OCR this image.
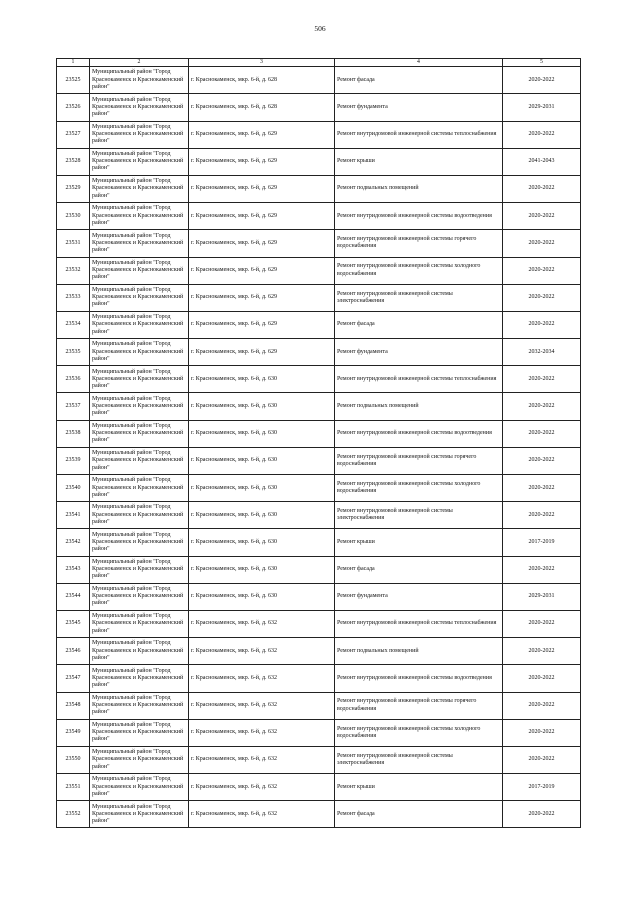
506
1	2	3	4	5
23525	Муниципальный район "Город Краснокаменск и Краснокаменский район"	г. Краснокаменск, мкр. 6-й, д. 628	Ремонт фасада	2020-2022
23526	Муниципальный район "Город Краснокаменск и Краснокаменский район"	г. Краснокаменск, мкр. 6-й, д. 628	Ремонт фундамента	2029-2031
23527	Муниципальный район "Город Краснокаменск и Краснокаменский район"	г. Краснокаменск, мкр. 6-й, д. 629	Ремонт внутридомовой инженерной системы теплоснабжения	2020-2022
23528	Муниципальный район "Город Краснокаменск и Краснокаменский район"	г. Краснокаменск, мкр. 6-й, д. 629	Ремонт крыши	2041-2043
23529	Муниципальный район "Город Краснокаменск и Краснокаменский район"	г. Краснокаменск, мкр. 6-й, д. 629	Ремонт подвальных помещений	2020-2022
23530	Муниципальный район "Город Краснокаменск и Краснокаменский район"	г. Краснокаменск, мкр. 6-й, д. 629	Ремонт внутридомовой инженерной системы водоотведения	2020-2022
23531	Муниципальный район "Город Краснокаменск и Краснокаменский район"	г. Краснокаменск, мкр. 6-й, д. 629	Ремонт внутридомовой инженерной системы горячего водоснабжения	2020-2022
23532	Муниципальный район "Город Краснокаменск и Краснокаменский район"	г. Краснокаменск, мкр. 6-й, д. 629	Ремонт внутридомовой инженерной системы холодного водоснабжения	2020-2022
23533	Муниципальный район "Город Краснокаменск и Краснокаменский район"	г. Краснокаменск, мкр. 6-й, д. 629	Ремонт внутридомовой инженерной системы электроснабжения	2020-2022
23534	Муниципальный район "Город Краснокаменск и Краснокаменский район"	г. Краснокаменск, мкр. 6-й, д. 629	Ремонт фасада	2020-2022
23535	Муниципальный район "Город Краснокаменск и Краснокаменский район"	г. Краснокаменск, мкр. 6-й, д. 629	Ремонт фундамента	2032-2034
23536	Муниципальный район "Город Краснокаменск и Краснокаменский район"	г. Краснокаменск, мкр. 6-й, д. 630	Ремонт внутридомовой инженерной системы теплоснабжения	2020-2022
23537	Муниципальный район "Город Краснокаменск и Краснокаменский район"	г. Краснокаменск, мкр. 6-й, д. 630	Ремонт подвальных помещений	2020-2022
23538	Муниципальный район "Город Краснокаменск и Краснокаменский район"	г. Краснокаменск, мкр. 6-й, д. 630	Ремонт внутридомовой инженерной системы водоотведения	2020-2022
23539	Муниципальный район "Город Краснокаменск и Краснокаменский район"	г. Краснокаменск, мкр. 6-й, д. 630	Ремонт внутридомовой инженерной системы горячего водоснабжения	2020-2022
23540	Муниципальный район "Город Краснокаменск и Краснокаменский район"	г. Краснокаменск, мкр. 6-й, д. 630	Ремонт внутридомовой инженерной системы холодного водоснабжения	2020-2022
23541	Муниципальный район "Город Краснокаменск и Краснокаменский район"	г. Краснокаменск, мкр. 6-й, д. 630	Ремонт внутридомовой инженерной системы электроснабжения	2020-2022
23542	Муниципальный район "Город Краснокаменск и Краснокаменский район"	г. Краснокаменск, мкр. 6-й, д. 630	Ремонт крыши	2017-2019
23543	Муниципальный район "Город Краснокаменск и Краснокаменский район"	г. Краснокаменск, мкр. 6-й, д. 630	Ремонт фасада	2020-2022
23544	Муниципальный район "Город Краснокаменск и Краснокаменский район"	г. Краснокаменск, мкр. 6-й, д. 630	Ремонт фундамента	2029-2031
23545	Муниципальный район "Город Краснокаменск и Краснокаменский район"	г. Краснокаменск, мкр. 6-й, д. 632	Ремонт внутридомовой инженерной системы теплоснабжения	2020-2022
23546	Муниципальный район "Город Краснокаменск и Краснокаменский район"	г. Краснокаменск, мкр. 6-й, д. 632	Ремонт подвальных помещений	2020-2022
23547	Муниципальный район "Город Краснокаменск и Краснокаменский район"	г. Краснокаменск, мкр. 6-й, д. 632	Ремонт внутридомовой инженерной системы водоотведения	2020-2022
23548	Муниципальный район "Город Краснокаменск и Краснокаменский район"	г. Краснокаменск, мкр. 6-й, д. 632	Ремонт внутридомовой инженерной системы горячего водоснабжения	2020-2022
23549	Муниципальный район "Город Краснокаменск и Краснокаменский район"	г. Краснокаменск, мкр. 6-й, д. 632	Ремонт внутридомовой инженерной системы холодного водоснабжения	2020-2022
23550	Муниципальный район "Город Краснокаменск и Краснокаменский район"	г. Краснокаменск, мкр. 6-й, д. 632	Ремонт внутридомовой инженерной системы электроснабжения	2020-2022
23551	Муниципальный район "Город Краснокаменск и Краснокаменский район"	г. Краснокаменск, мкр. 6-й, д. 632	Ремонт крыши	2017-2019
23552	Муниципальный район "Город Краснокаменск и Краснокаменский район"	г. Краснокаменск, мкр. 6-й, д. 632	Ремонт фасада	2020-2022
